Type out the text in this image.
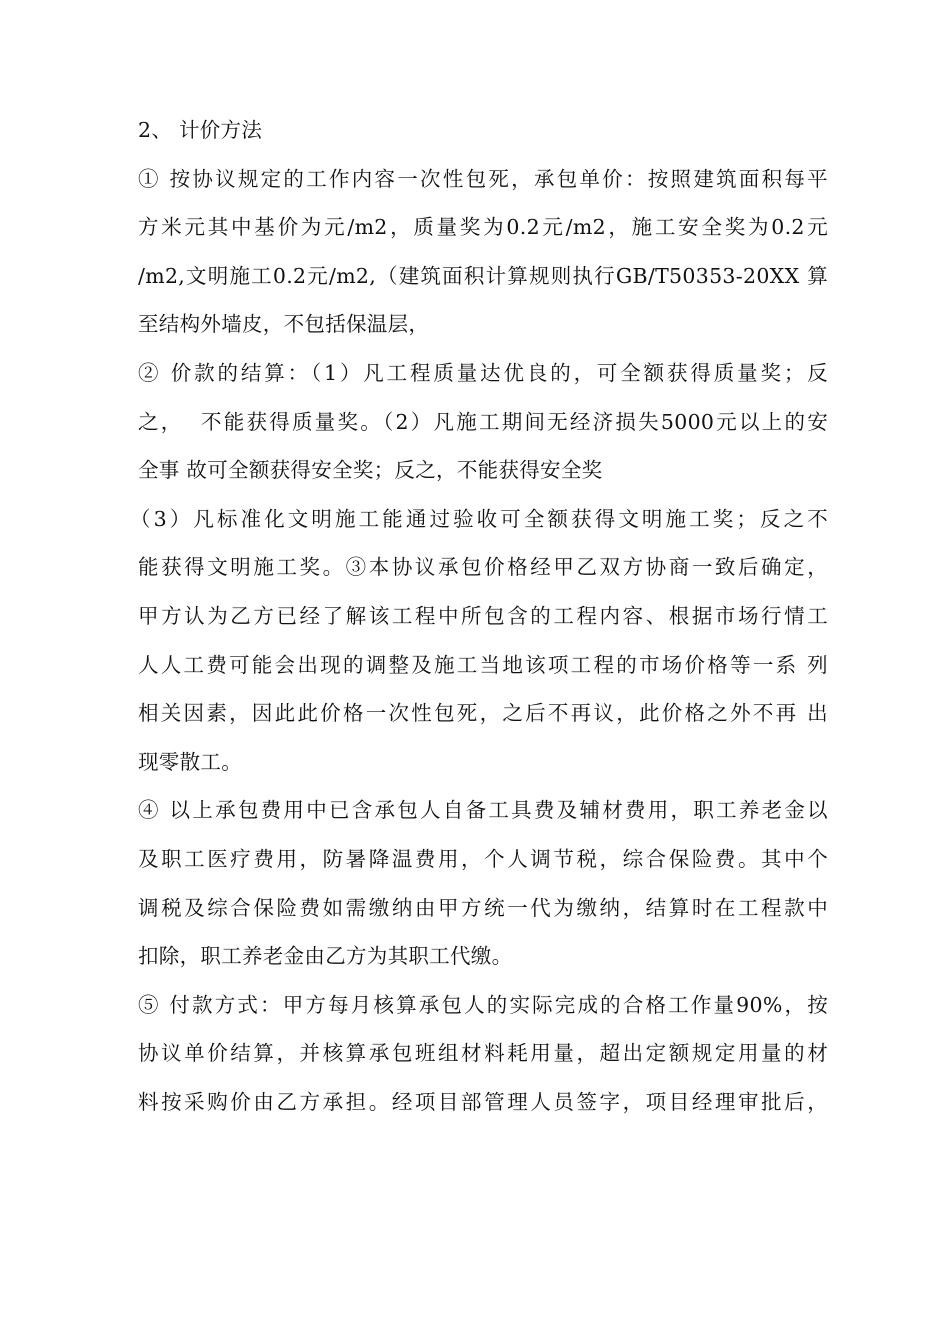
2、 计价方法
① 按协议规定的工作内容一次性包死，承包单价：按照建筑面积每平
方米元其中基价为元/m2，质量奖为0.2元/m2，施工安全奖为0.2元
/m2,文明施工0.2元/m2,（建筑面积计算规则执行GB/T50353-20XX 算
至结构外墙皮，不包括保温层，
② 价款的结算：（1）凡工程质量达优良的，可全额获得质量奖；反
之，  不能获得质量奖。（2）凡施工期间无经济损失5000元以上的安
全事 故可全额获得安全奖；反之，不能获得安全奖
（3）凡标准化文明施工能通过验收可全额获得文明施工奖；反之不
能获得文明施工奖。③本协议承包价格经甲乙双方协商一致后确定，
甲方认为乙方已经了解该工程中所包含的工程内容、根据市场行情工
人人工费可能会出现的调整及施工当地该项工程的市场价格等一系 列
相关因素，因此此价格一次性包死，之后不再议，此价格之外不再 出
现零散工。
④ 以上承包费用中已含承包人自备工具费及辅材费用，职工养老金以
及职工医疗费用，防暑降温费用，个人调节税，综合保险费。其中个
调税及综合保险费如需缴纳由甲方统一代为缴纳，结算时在工程款中
扣除，职工养老金由乙方为其职工代缴。
⑤ 付款方式：甲方每月核算承包人的实际完成的合格工作量90%，按
协议单价结算，并核算承包班组材料耗用量，超出定额规定用量的材
料按采购价由乙方承担。经项目部管理人员签字，项目经理审批后，
